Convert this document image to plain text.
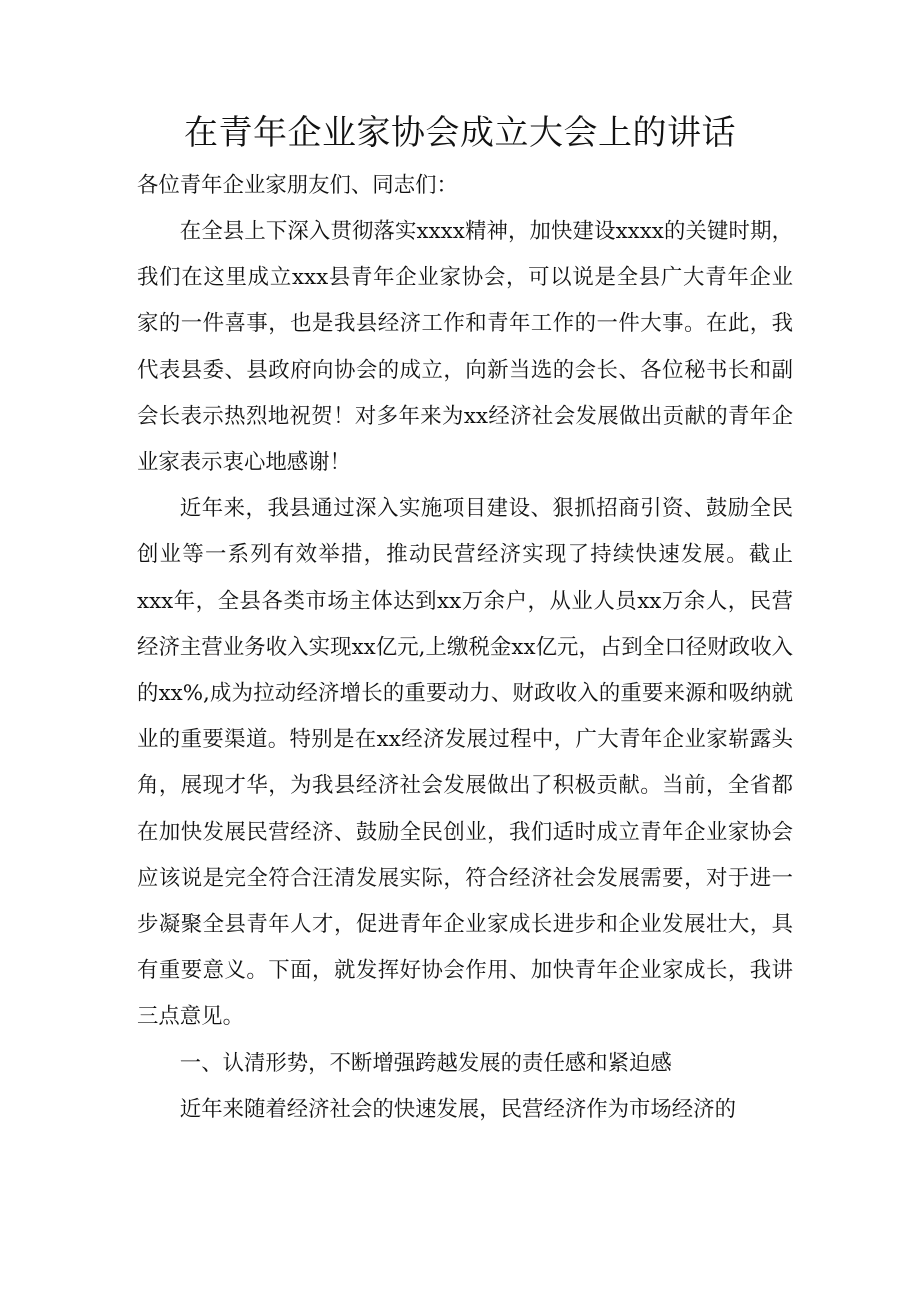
在青年企业家协会成立大会上的讲话

各位青年企业家朋友们、同志们：

在全县上下深入贯彻落实xxxx精神，加快建设xxxx的关键时期，我们在这里成立xxx县青年企业家协会，可以说是全县广大青年企业家的一件喜事，也是我县经济工作和青年工作的一件大事。在此，我代表县委、县政府向协会的成立，向新当选的会长、各位秘书长和副会长表示热烈地祝贺！对多年来为xx经济社会发展做出贡献的青年企业家表示衷心地感谢！

近年来，我县通过深入实施项目建设、狠抓招商引资、鼓励全民创业等一系列有效举措，推动民营经济实现了持续快速发展。截止xxx年，全县各类市场主体达到xx万余户，从业人员xx万余人，民营经济主营业务收入实现xx亿元,上缴税金xx亿元，占到全口径财政收入的xx%,成为拉动经济增长的重要动力、财政收入的重要来源和吸纳就业的重要渠道。特别是在xx经济发展过程中，广大青年企业家崭露头角，展现才华，为我县经济社会发展做出了积极贡献。当前，全省都在加快发展民营经济、鼓励全民创业，我们适时成立青年企业家协会应该说是完全符合汪清发展实际，符合经济社会发展需要，对于进一步凝聚全县青年人才，促进青年企业家成长进步和企业发展壮大，具有重要意义。下面，就发挥好协会作用、加快青年企业家成长，我讲三点意见。

一、认清形势，不断增强跨越发展的责任感和紧迫感

近年来随着经济社会的快速发展，民营经济作为市场经济的
